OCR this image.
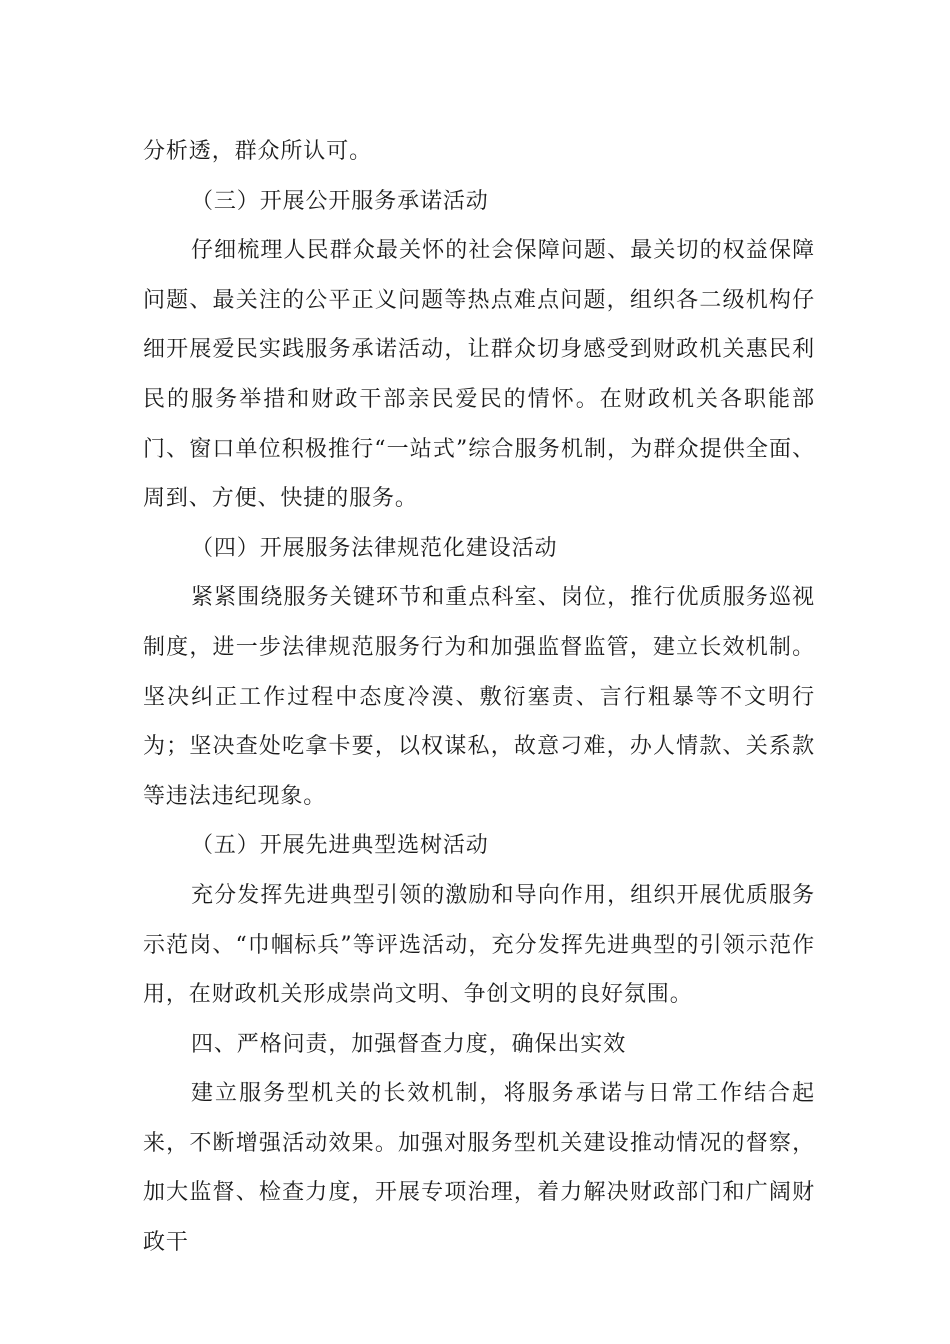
分析透，群众所认可。

（三）开展公开服务承诺活动

仔细梳理人民群众最关怀的社会保障问题、最关切的权益保障问题、最关注的公平正义问题等热点难点问题，组织各二级机构仔细开展爱民实践服务承诺活动，让群众切身感受到财政机关惠民利民的服务举措和财政干部亲民爱民的情怀。在财政机关各职能部门、窗口单位积极推行“一站式”综合服务机制，为群众提供全面、周到、方便、快捷的服务。

（四）开展服务法律规范化建设活动

紧紧围绕服务关键环节和重点科室、岗位，推行优质服务巡视制度，进一步法律规范服务行为和加强监督监管，建立长效机制。坚决纠正工作过程中态度冷漠、敷衍塞责、言行粗暴等不文明行为；坚决查处吃拿卡要，以权谋私，故意刁难，办人情款、关系款等违法违纪现象。

（五）开展先进典型选树活动

充分发挥先进典型引领的激励和导向作用，组织开展优质服务示范岗、“巾帼标兵”等评选活动，充分发挥先进典型的引领示范作用，在财政机关形成崇尚文明、争创文明的良好氛围。

四、严格问责，加强督查力度，确保出实效

建立服务型机关的长效机制，将服务承诺与日常工作结合起来，不断增强活动效果。加强对服务型机关建设推动情况的督察，加大监督、检查力度，开展专项治理，着力解决财政部门和广阔财政干
